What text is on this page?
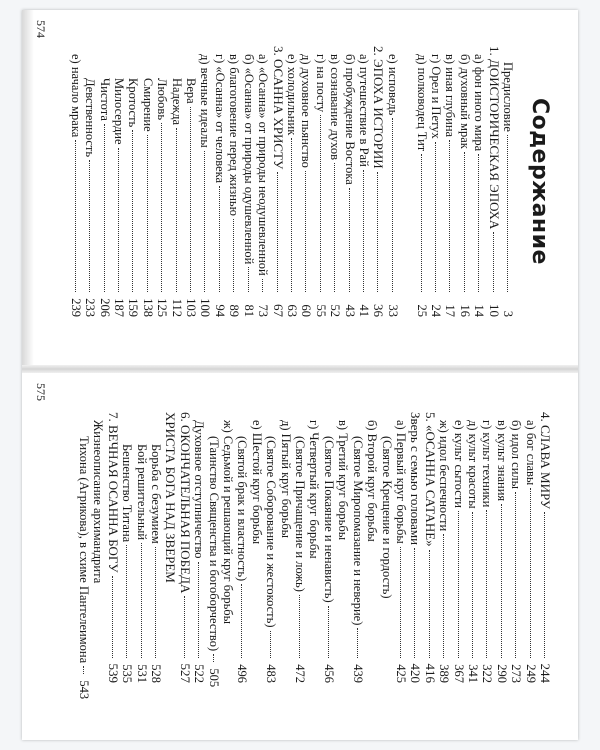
Содержание
Предисловие
3
1. ДОИСТОРИЧЕСКАЯ ЭПОХА
10
а) фон иного мира
14
б) духовный мрак
16
в) иная глубина
17
г) Орел и Петух
24
д) полководец Тит
25
е) исповедь
33
2. ЭПОХА ИСТОРИИ
36
а) путешествие в Рай
41
б) пробуждение Востока
43
в) сознавание духов
52
г) на посту
55
д) духовное пьянство
60
е) холодильник
63
3. ОСАННА ХРИСТУ
67
а) «Осанна» от природы неодушевленной
73
б) «Осанна» от природы одушевленной
81
в) благоговение перед жизнью
89
г) «Осанна» от человека
94
д) вечные идеалы
100
Вера
103
Надежда
112
Любовь
125
Смирение
138
Кротость
159
Милосердие
187
Чистота
206
Девственность
233
е) начало мрака
239
4. СЛАВА МИРУ
244
а) бог славы
249
б) идол силы
273
в) культ знания
290
г) культ техники
322
д) культ красоты
341
е) культ сытости
367
ж) идол беспечности
389
5. «ОСАННА САТАНЕ»
416
Зверь с семью головами
420
а) Первый круг борьбы
425
(Святое Крещение и гордость)
б) Второй круг борьбы
(Святое Миропомазание и неверие)
439
в) Третий круг борьбы
(Святое Покаяние и ненависть)
456
г) Четвертый круг борьбы
(Святое Причащение и ложь)
472
д) Пятый круг борьбы
(Святое Соборование и жестокость)
483
е) Шестой круг борьбы
(Святой брак и властность)
496
ж) Седьмой и решающий круг борьбы
(Таинство Священства и богоборчество)
505
Духовное отступничество
522
6. ОКОНЧАТЕЛЬНАЯ ПОБЕДА
527
ХРИСТА БОГА НАД ЗВЕРЕМ
Борьба с безумием
528
Бой решительный
531
Бешенство Титана
535
7. ВЕЧНАЯ ОСАННА БОГУ
539
Жизнеописание архимандрита
Тихона (Агрикова), в схиме Пантелеимона
543
574
575
